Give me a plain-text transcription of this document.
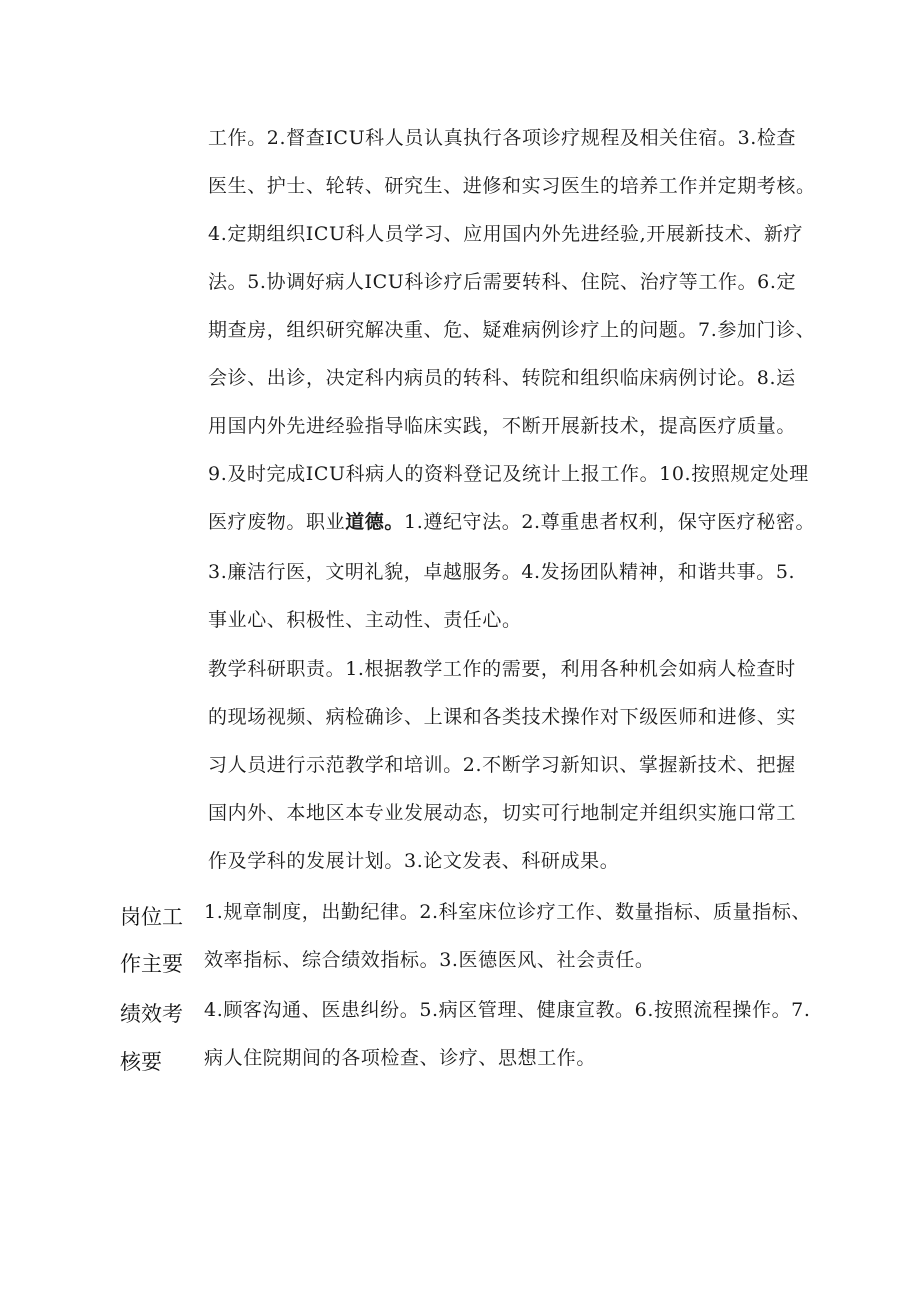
工作。2.督查ICU科人员认真执行各项诊疗规程及相关住宿。3.检查
医生、护士、轮转、研究生、进修和实习医生的培养工作并定期考核。
4.定期组织ICU科人员学习、应用国内外先进经验,开展新技术、新疗
法。5.协调好病人ICU科诊疗后需要转科、住院、治疗等工作。6.定
期查房，组织研究解决重、危、疑难病例诊疗上的问题。7.参加门诊、
会诊、出诊，决定科内病员的转科、转院和组织临床病例讨论。8.运
用国内外先进经验指导临床实践，不断开展新技术，提高医疗质量。
9.及时完成ICU科病人的资料登记及统计上报工作。10.按照规定处理
医疗废物。职业道德。1.遵纪守法。2.尊重患者权利，保守医疗秘密。
3.廉洁行医，文明礼貌，卓越服务。4.发扬团队精神，和谐共事。5.
事业心、积极性、主动性、责任心。
教学科研职责。1.根据教学工作的需要，利用各种机会如病人检查时
的现场视频、病检确诊、上课和各类技术操作对下级医师和进修、实
习人员进行示范教学和培训。2.不断学习新知识、掌握新技术、把握
国内外、本地区本专业发展动态，切实可行地制定并组织实施口常工
作及学科的发展计划。3.论文发表、科研成果。
岗位工
作主要
绩效考
核要
1.规章制度，出勤纪律。2.科室床位诊疗工作、数量指标、质量指标、
效率指标、综合绩效指标。3.医德医风、社会责任。
4.顾客沟通、医患纠纷。5.病区管理、健康宣教。6.按照流程操作。7.
病人住院期间的各项检查、诊疗、思想工作。
